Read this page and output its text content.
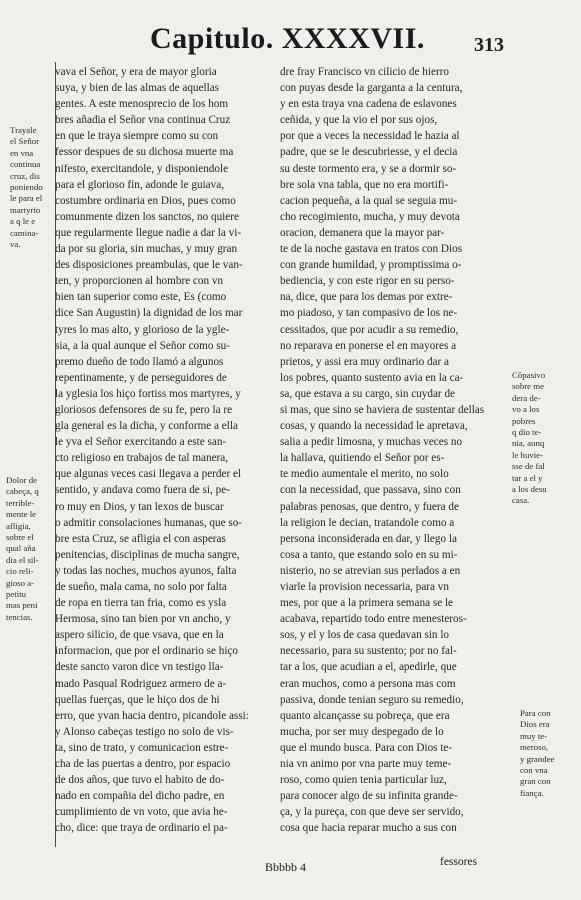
Capitulo. XXXXVII. 313
vava el Señor, y era de mayor gloria
suya, y bien de las almas de aquellas
gentes. A este menosprecio de los hom
bres añadia el Señor vna continua Cruz
en que le traya siempre como su con
fessor despues de su dichosa muerte ma
nifesto, exercitandole, y disponiendole
para el glorioso fin, adonde le guiava,
costumbre ordinaria en Dios, pues como
comunmente dizen los sanctos, no quiere
que regularmente llegue nadie a dar la vi-
da por su gloria, sin muchas, y muy gran
des disposiciones preambulas, que le van-
ten, y proporcionen al hombre con vn
bien tan superior como este, Es (como
dice San Augustin) la dignidad de los mar
tyres lo mas alto, y glorioso de la ygle-
sia, a la qual aunque el Señor como su-
premo dueño de todo llamó a algunos
repentinamente, y de perseguidores de
la yglesia los hiço fortiss mos martyres, y
gloriosos defensores de su fe, pero la re
gla general es la dicha, y conforme a ella
le yva el Señor exercitando a este san-
cto religioso en trabajos de tal manera,
que algunas veces casi llegava a perder el
sentido, y andava como fuera de si, pe-
ro muy en Dios, y tan lexos de buscar
o admitir consolaciones humanas, que so-
bre esta Cruz, se afligia el con asperas
penitencias, disciplinas de mucha sangre,
y todas las noches, muchos ayunos, falta
de sueño, mala cama, no solo por falta
de ropa en tierra tan fria, como es ysla
Hermosa, sino tan bien por vn ancho, y
aspero silicio, de que vsava, que en la
informacion, que por el ordinario se hiço
deste sancto varon dice vn testigo lla-
mado Pasqual Rodriguez armero de a-
quellas fuerças, que le hiço dos de hi
erro, que yvan hacia dentro, picandole assi:
y Alonso cabeças testigo no solo de vis-
ta, sino de trato, y comunicacion estre-
cha de las puertas a dentro, por espacio
de dos años, que tuvo el habito de do-
nado en compañia del dicho padre, en
cumplimiento de vn voto, que avia he-
cho, dice: que traya de ordinario el pa-
dre fray Francisco vn cilicio de hierro
con puyas desde la garganta a la centura,
y en esta traya vna cadena de eslavones
ceñida, y que la vio el por sus ojos,
por que a veces la necessidad le hazia al
padre, que se le descubriesse, y el decia
su deste tormento era, y se a dormir so-
bre sola vna tabla, que no era mortifi-
cacion pequeña, a la qual se seguia mu-
cho recogimiento, mucha, y muy devota
oracion, demanera que la mayor par-
te de la noche gastava en tratos con Dios
con grande humildad, y promptissima o-
bediencia, y con este rigor en su perso-
na, dice, que para los demas por extre-
mo piadoso, y tan compasivo de los ne-
cessitados, que por acudir a su remedio,
no reparava en ponerse el en mayores a
prietos, y assi era muy ordinario dar a
los pobres, quanto sustento avia en la ca-
sa, que estava a su cargo, sin cuydar de
si mas, que sino se haviera de sustentar dellas
cosas, y quando la necessidad le apretava,
salia a pedir limosna, y muchas veces no
la hallava, quitiendo el Señor por es-
te medio aumentale el merito, no solo
con la necessidad, que passava, sino con
palabras penosas, que dentro, y fuera de
la religion le decian, tratandole como a
persona inconsiderada en dar, y llego la
cosa a tanto, que estando solo en su mi-
nisterio, no se atrevian sus perlados a en
viarle la provision necessaria, para vn
mes, por que a la primera semana se le
acabava, repartido todo entre menesteros-
sos, y el y los de casa quedavan sin lo
necessario, para su sustento; por no fal-
tar a los, que acudian a el, apedirle, que
eran muchos, como a persona mas com
passiva, donde tenian seguro su remedio,
quanto alcançasse su pobreça, que era
mucha, por ser muy despegado de lo
que el mundo busca. Para con Dios te-
nia vn animo por vna parte muy teme-
roso, como quien tenia particular luz,
para conocer algo de su infinita grande-
ça, y la pureça, con que deve ser servido,
cosa que hacia reparar mucho a sus con
Trayale
el Señor
en vna
continua
cruz, dis
poniendo
le para el
martyrio
a q le e
camina-
va.
Dolor de
cabeça, q
terrible-
mente le
afligia,
sobre el
qual aña
dia el sil-
cio reli-
gioso a-
petitu
mas peni
tencias.
Cõpasivo
sobre me
dera de-
vo a los
pobres
q dio te-
nia, aunq
le huvie-
sse de fal
tar a el y
a los desu
casa.
Para con
Dios era
muy te-
meroso,
y grandee
con vna
gran con
fiança.
Bbbbb 4	fessores
